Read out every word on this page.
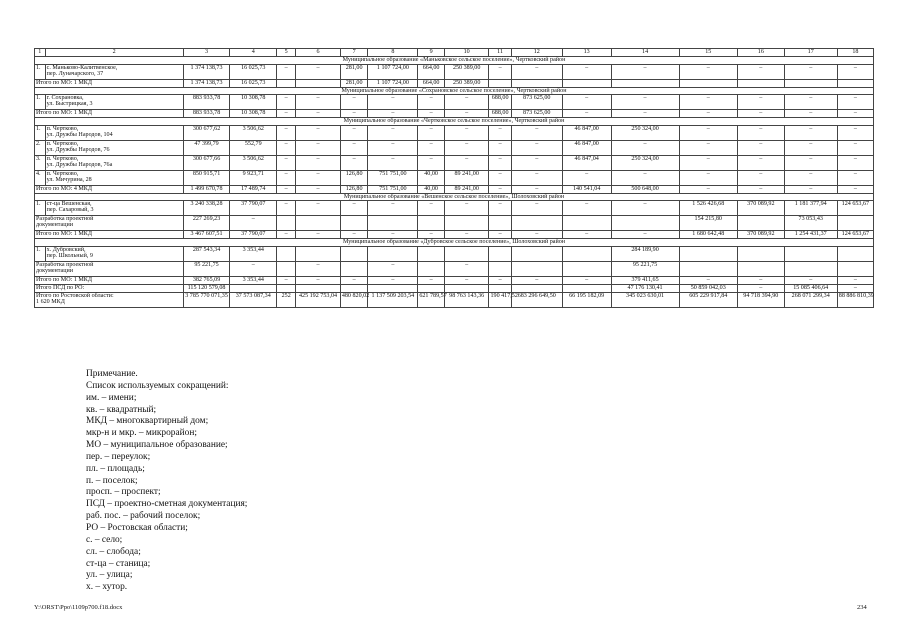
1	2	3	4	5	6	7	8	9	10	11	12	13	14	15	16	17	18
Муниципальное образование «Маньковское сельское поселение», Чертковский район																	
1.	с. Маньково-Калитвенское,
пер. Луначарского, 37	1 374 138,73	16 025,73	–	–	281,00	1 107 724,00	664,00	250 389,00	–	–	–	–	–	–	–	–
Итого по МО: 1 МКД		1 374 138,73	16 025,73			281,00	1 107 724,00	664,00	250 389,00								
Муниципальное образование «Сохрановское сельское поселение», Чертковский район																	
1.	г. Сохрановка,
ул. Быстрицкая, 3	883 933,78	10 308,78	–	–	–	–	–	–	688,00	873 625,00	–	–	–	–	–	–
Итого по МО: 1 МКД		883 933,78	10 308,78	–	–	–	–	–	–	688,00	873 625,00	–	–	–	–	–	–
Муниципальное образование «Чертковское сельское поселение», Чертковский район																	
1.	п. Чертково,
ул. Дружбы Народов, 104	300 677,62	3 506,62	–	–	–	–	–	–	–	–	46 847,00	250 324,00	–	–	–	–
2.	п. Чертково,
ул. Дружбы Народов, 76	47 399,79	552,79	–	–	–	–	–	–	–	–	46 847,00	–	–	–	–	–
3.	п. Чертково,
ул. Дружбы Народов, 76а	300 677,66	3 506,62	–	–	–	–	–	–	–	–	46 847,04	250 324,00	–	–	–	–
4.	п. Чертково,
ул. Мичурина, 28	850 915,71	9 923,71	–	–	126,80	751 751,00	40,00	89 241,00	–	–	–	–	–	–	–	–
Итого по МО: 4 МКД		1 499 670,78	17 489,74	–	–	126,80	751 751,00	40,00	89 241,00	–	–	140 541,04	500 648,00	–	–	–	–
Муниципальное образование «Вешенское сельское поселение», Шолоховский район																	
1.	ст-ца Вешенская,
пер. Сахаровый, 3	3 240 338,28	37 790,07	–	–	–	–	–	–	–	–	–	–	1 526 426,68	370 089,92	1 181 377,94	124 653,67
Разработка проектной
документации		227 269,23	–											154 215,80		73 053,43	
Итого по МО: 1 МКД		3 467 607,51	37 790,07	–	–	–	–	–	–	–	–	–	–	1 680 642,48	370 089,92	1 254 431,37	124 653,67
Муниципальное образование «Дубровское сельское поселение», Шолоховский район																	
1.	х. Дубровский,
пер. Школьный, 9	287 543,34	3 353,44										284 189,90				
Разработка проектной
документации		95 221,75	–		–		–		–				95 221,75				
Итого по МО: 1 МКД		382 765,09	3 353,44	–	–	–	–	–	–	–	–	–	379 411,65	–	–	–	–
Итого ПСД по РО:		115 120 579,08											47 176 130,41	50 859 042,03	–	15 085 406,64	–
Итого по Ростовской области:
1 620 МКД		3 785 770 071,35	37 573 087,34	252	425 192 753,04	480 820,02	1 137 509 203,54	621 789,57	98 763 143,36	190 417,52	683 296 649,50	66 195 182,09	345 023 630,01	605 229 917,84	94 718 394,90	268 071 299,34	88 886 810,39
Примечание.
Список используемых сокращений:
им. – имени;
кв. – квадратный;
МКД – многоквартирный дом;
мкр-н и мкр. – микрорайон;
МО – муниципальное образование;
пер. – переулок;
пл. – площадь;
п. – поселок;
просп. – проспект;
ПСД – проектно-сметная документация;
раб. пос. – рабочий поселок;
РО – Ростовская области;
с. – село;
сл. – слобода;
ст-ца – станица;
ул. – улица;
х. – хутор.
Y:\ORST\Ppo\1109p700.f18.docx	234
